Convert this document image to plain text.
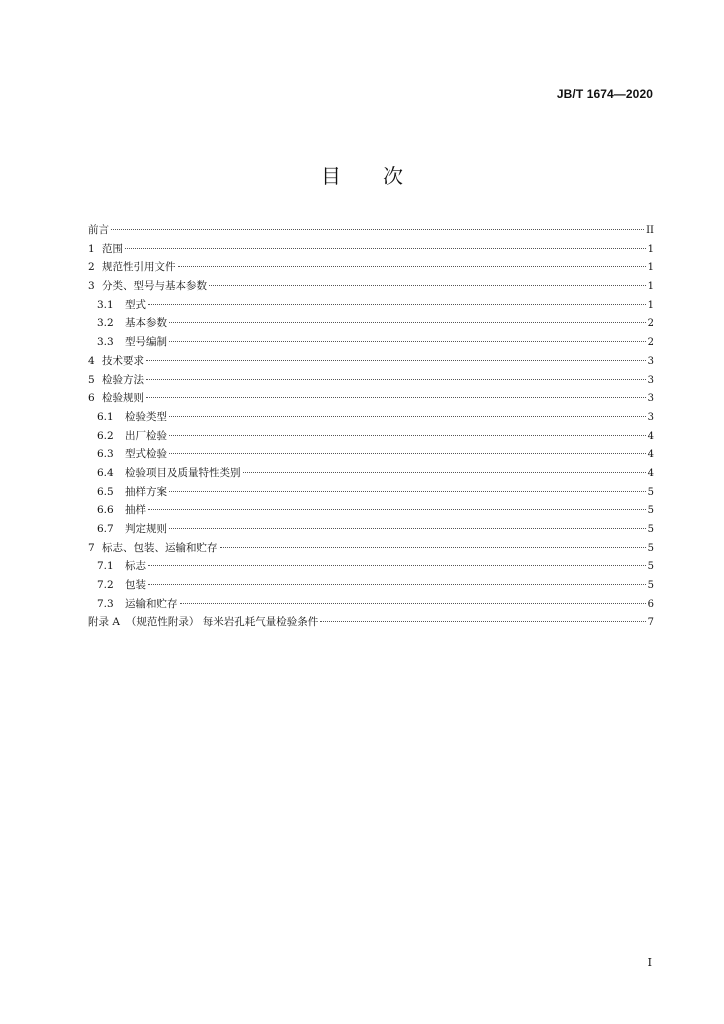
JB/T 1674—2020
目次
前言	II
1 范围	1
2 规范性引用文件	1
3 分类、型号与基本参数	1
3.1	型式	1
3.2	基本参数	2
3.3	型号编制	2
4 技术要求	3
5 检验方法	3
6 检验规则	3
6.1	检验类型	3
6.2	出厂检验	4
6.3	型式检验	4
6.4	检验项目及质量特性类别	4
6.5	抽样方案	5
6.6	抽样	5
6.7	判定规则	5
7 标志、包装、运输和贮存	5
7.1	标志	5
7.2	包装	5
7.3	运输和贮存	6
附录 A （规范性附录） 每米岩孔耗气量检验条件	7
I
